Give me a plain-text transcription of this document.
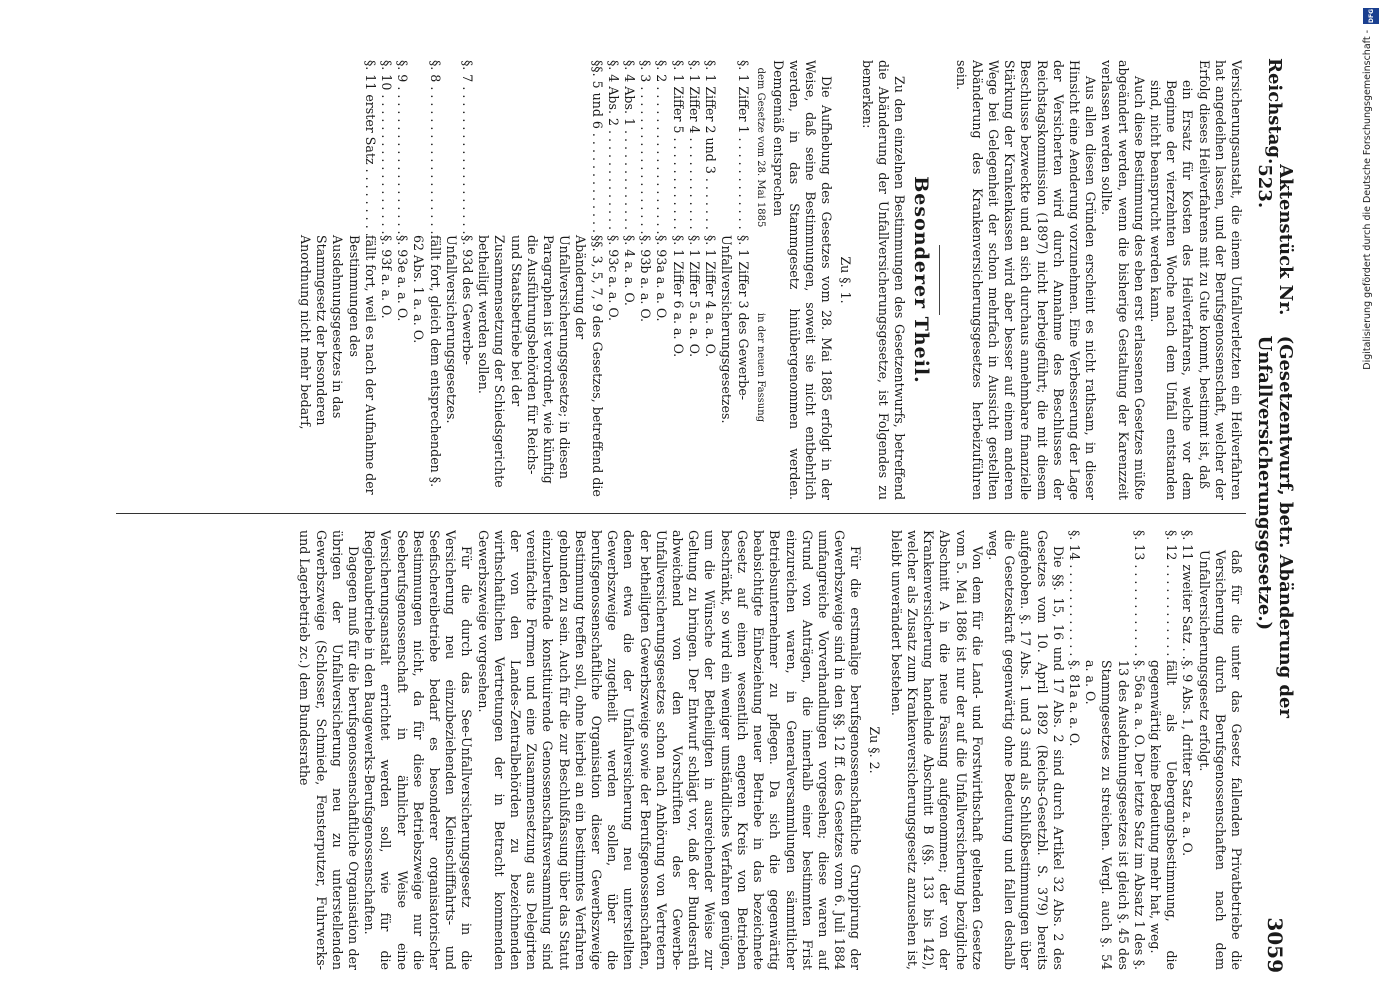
Reichstag.
Aktenstück Nr. 523.
(Gesetzentwurf, betr. Abänderung der Unfallversicherungsgesetze.)
3059

Versicherungsanstalt, die einem Unfallverletzten ein Heilverfahren hat angedeihen lassen, und der Berufsgenossenschaft, welcher der Erfolg dieses Heilverfahrens mit zu Gute kommt, bestimmt ist, daß

ein Ersatz für Kosten des Heilverfahrens, welche vor dem Beginne der vierzehnten Woche nach dem Unfall entstanden sind, nicht beansprucht werden kann.

Auch diese Bestimmung des eben erst erlassenen Gesetzes müßte abgeändert werden, wenn die bisherige Gestaltung der Karenzzeit verlassen werden sollte.

Aus allen diesen Gründen erscheint es nicht rathsam, in dieser Hinsicht eine Aenderung vorzunehmen. Eine Verbesserung der Lage der Versicherten wird durch Annahme des Beschlusses der Reichstagskommission (1897) nicht herbeigeführt; die mit diesem Beschlusse bezweckte und an sich durchaus annehmbare finanzielle Stärkung der Krankenkassen wird aber besser auf einem anderen Wege bei Gelegenheit der schon mehrfach in Aussicht gestellten Abänderung des Krankenversicherungsgesetzes herbeizuführen sein.

Besonderer Theil.

Zu den einzelnen Bestimmungen des Gesetzentwurfs, betreffend die Abänderung der Unfallversicherungsgesetze, ist Folgendes zu bemerken:

Zu §. 1.

Die Aufhebung des Gesetzes vom 28. Mai 1885 erfolgt in der Weise, daß seine Bestimmungen, soweit sie nicht entbehrlich werden, in das Stammgesetz hinübergenommen werden. Demgemäß entsprechen

dem Gesetze vom 28. Mai 1885
in der neuen Fassung
§. 1 Ziffer 1 . . .
§. 1 Ziffer 3 des Gewerbe-Unfallversicherungsgesetzes.
§. 1 Ziffer 2 und 3 . . .
§. 1 Ziffer 4 a. a. O.
§. 1 Ziffer 4 . . .
§. 1 Ziffer 5 a. a. O.
§. 1 Ziffer 5 . . .
§. 1 Ziffer 6 a. a. O.
§. 2 . . .
§. 93a a. a. O.
§. 3 . . .
§. 93b a. a. O.
§. 4 Abs. 1 . . .
§. 4 a. a. O.
§. 4 Abs. 2 . . .
§. 93c a. a. O.
§§. 5 und 6 . . .
§§. 3, 5, 7, 9 des Gesetzes, betreffend die Abänderung der Unfallversicherungsgesetze; in diesen Paragraphen ist verordnet, wie künftig die Ausführungsbehörden für Reichs- und Staatsbetriebe bei der Zusammensetzung der Schiedsgerichte betheiligt werden sollen.
§. 7 . . .
§. 93d des Gewerbe-Unfallversicherungsgesetzes.
§. 8 . . .
fällt fort, gleich dem entsprechenden §. 62 Abs. 1 a. a. O.
§. 9 . . .
§. 93e a. a. O.
§. 10 . . .
§. 93f a. a. O.
§. 11 erster Satz . . .
fällt fort, weil es nach der Aufnahme der Bestimmungen des Ausdehnungsgesetzes in das Stammgesetz der besonderen Anordnung nicht mehr bedarf,

daß für die unter das Gesetz fallenden Privatbetriebe die Versicherung durch Berufsgenossenschaften nach dem Unfallversicherungsgesetz erfolgt.

§. 11 zweiter Satz . . .
§. 9 Abs. 1, dritter Satz a. a. O.
§. 12 . . .
fällt als Uebergangsbestimmung, die gegenwärtig keine Bedeutung mehr hat, weg.
§. 13 . . .
§. 56a a. a. O. Der letzte Satz im Absatz 1 des §. 13 des Ausdehnungsgesetzes ist gleich §. 45 des Stammgesetzes zu streichen. Vergl. auch §. 54 a. a. O.
§. 14 . . .
§. 81a a. a. O.

Die §§. 15, 16 und 17 Abs. 2 sind durch Artikel 32 Abs. 2 des Gesetzes vom 10. April 1892 (Reichs-Gesetzbl. S. 379) bereits aufgehoben. §. 17 Abs. 1 und 3 sind als Schlußbestimmungen über die Gesetzeskraft gegenwärtig ohne Bedeutung und fallen deshalb weg.

Von dem für die Land- und Forstwirthschaft geltenden Gesetze vom 5. Mai 1886 ist nur der auf die Unfallversicherung bezügliche Abschnitt A in die neue Fassung aufgenommen; der von der Krankenversicherung handelnde Abschnitt B (§§. 133 bis 142), welcher als Zusatz zum Krankenversicherungsgesetz anzusehen ist, bleibt unverändert bestehen.

Zu §. 2.

Für die erstmalige berufsgenossenschaftliche Gruppirung der Gewerbszweige sind in den §§. 12 ff. des Gesetzes vom 6. Juli 1884 umfangreiche Vorverhandlungen vorgesehen; diese waren auf Grund von Anträgen, die innerhalb einer bestimmten Frist einzureichen waren, in Generalversammlungen sämmtlicher Betriebsunternehmer zu pflegen. Da sich die gegenwärtig beabsichtigte Einbeziehung neuer Betriebe in das bezeichnete Gesetz auf einen wesentlich engeren Kreis von Betrieben beschränkt, so wird ein weniger umständliches Verfahren genügen, um die Wünsche der Betheiligten in ausreichender Weise zur Geltung zu bringen. Der Entwurf schlägt vor, daß der Bundesrath abweichend von den Vorschriften des Gewerbe-Unfallversicherungsgesetzes schon nach Anhörung von Vertretern der betheiligten Gewerbszweige sowie der Berufsgenossenschaften, denen etwa die der Unfallversicherung neu unterstellten Gewerbszweige zugetheilt werden sollen, über die berufsgenossenschaftliche Organisation dieser Gewerbszweige Bestimmung treffen soll, ohne hierbei an ein bestimmtes Verfahren gebunden zu sein. Auch für die zur Beschlußfassung über das Statut einzuberufende konstituirende Genossenschaftsversammlung sind vereinfachte Formen und eine Zusammensetzung aus Delegirten der von den Landes-Zentralbehörden zu bezeichnenden wirthschaftlichen Vertretungen der in Betracht kommenden Gewerbszweige vorgesehen.

Für die durch das See-Unfallversicherungsgesetz in die Versicherung neu einzubeziehenden Kleinschifffahrts- und Seefischereibetriebe bedarf es besonderer organisatorischer Bestimmungen nicht, da für diese Betriebszweige nur die Seeberufsgenossenschaft in ähnlicher Weise eine Versicherungsanstalt errichtet werden soll, wie für die Regiebaubetriebe in den Baugewerks-Berufsgenossenschaften.

Dagegen muß für die berufsgenossenschaftliche Organisation der übrigen der Unfallversicherung neu zu unterstellenden Gewerbszweige (Schlosser, Schmiede, Fensterputzer, Fuhrwerks- und Lagerbetrieb zc.) dem Bundesrathe

DFG
Digitalisierung gefördert durch die Deutsche Forschungsgemeinschaft -
